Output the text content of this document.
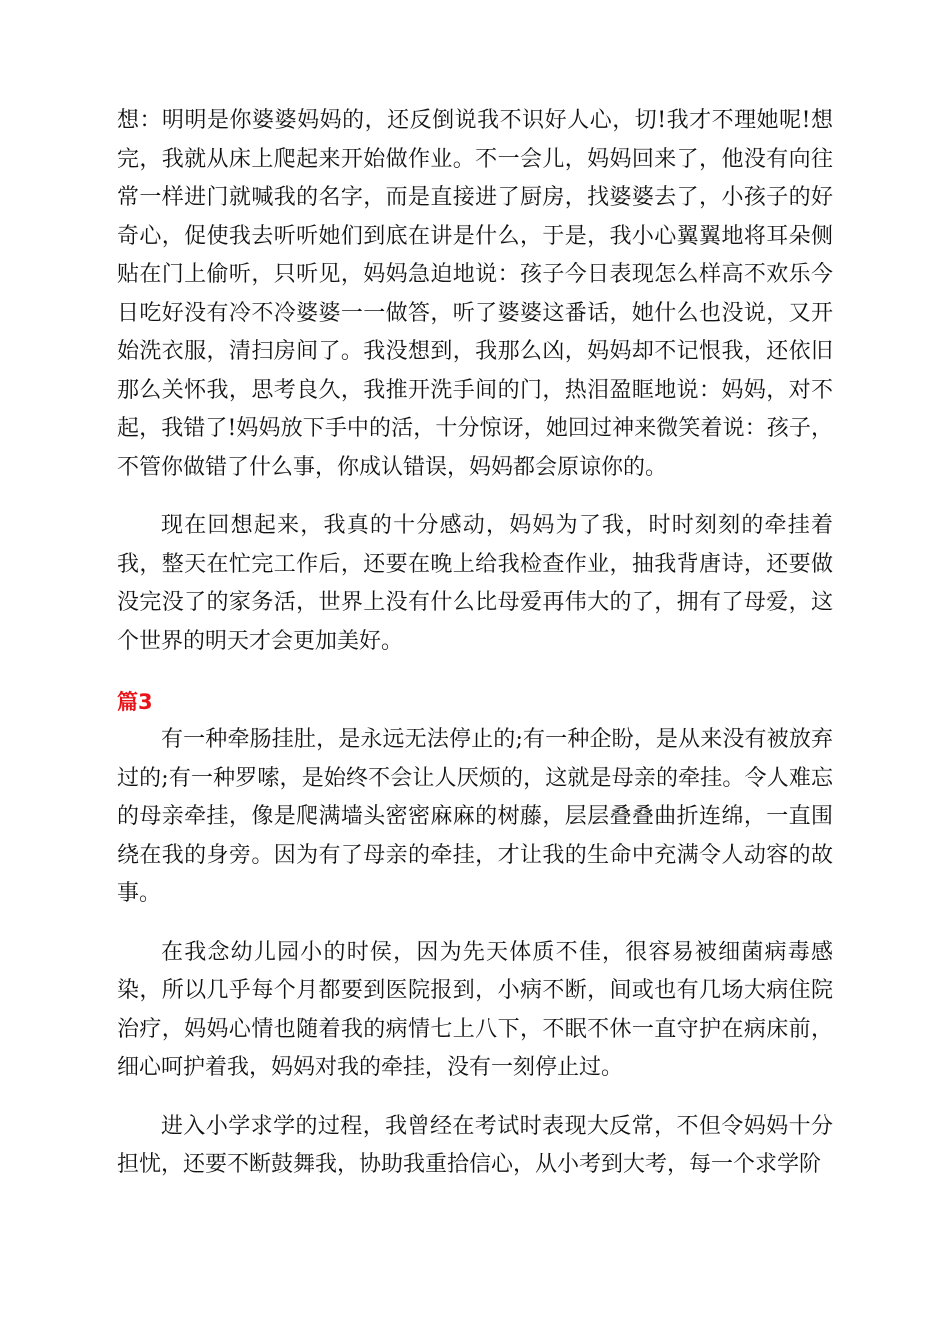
想：明明是你婆婆妈妈的，还反倒说我不识好人心，切!我才不理她呢!想完，我就从床上爬起来开始做作业。不一会儿，妈妈回来了，他没有向往常一样进门就喊我的名字，而是直接进了厨房，找婆婆去了，小孩子的好奇心，促使我去听听她们到底在讲是什么，于是，我小心翼翼地将耳朵侧贴在门上偷听，只听见，妈妈急迫地说：孩子今日表现怎么样高不欢乐今日吃好没有冷不冷婆婆一一做答，听了婆婆这番话，她什么也没说，又开始洗衣服，清扫房间了。我没想到，我那么凶，妈妈却不记恨我，还依旧那么关怀我，思考良久，我推开洗手间的门，热泪盈眶地说：妈妈，对不起，我错了!妈妈放下手中的活，十分惊讶，她回过神来微笑着说：孩子，不管你做错了什么事，你成认错误，妈妈都会原谅你的。

现在回想起来，我真的十分感动，妈妈为了我，时时刻刻的牵挂着我，整天在忙完工作后，还要在晚上给我检查作业，抽我背唐诗，还要做没完没了的家务活，世界上没有什么比母爱再伟大的了，拥有了母爱，这个世界的明天才会更加美好。

篇3

有一种牵肠挂肚，是永远无法停止的;有一种企盼，是从来没有被放弃过的;有一种罗嗦，是始终不会让人厌烦的，这就是母亲的牵挂。令人难忘的母亲牵挂，像是爬满墙头密密麻麻的树藤，层层叠叠曲折连绵，一直围绕在我的身旁。因为有了母亲的牵挂，才让我的生命中充满令人动容的故事。

在我念幼儿园小的时侯，因为先天体质不佳，很容易被细菌病毒感染，所以几乎每个月都要到医院报到，小病不断，间或也有几场大病住院治疗，妈妈心情也随着我的病情七上八下，不眠不休一直守护在病床前，细心呵护着我，妈妈对我的牵挂，没有一刻停止过。

进入小学求学的过程，我曾经在考试时表现大反常，不但令妈妈十分担忧，还要不断鼓舞我，协助我重拾信心，从小考到大考，每一个求学阶
